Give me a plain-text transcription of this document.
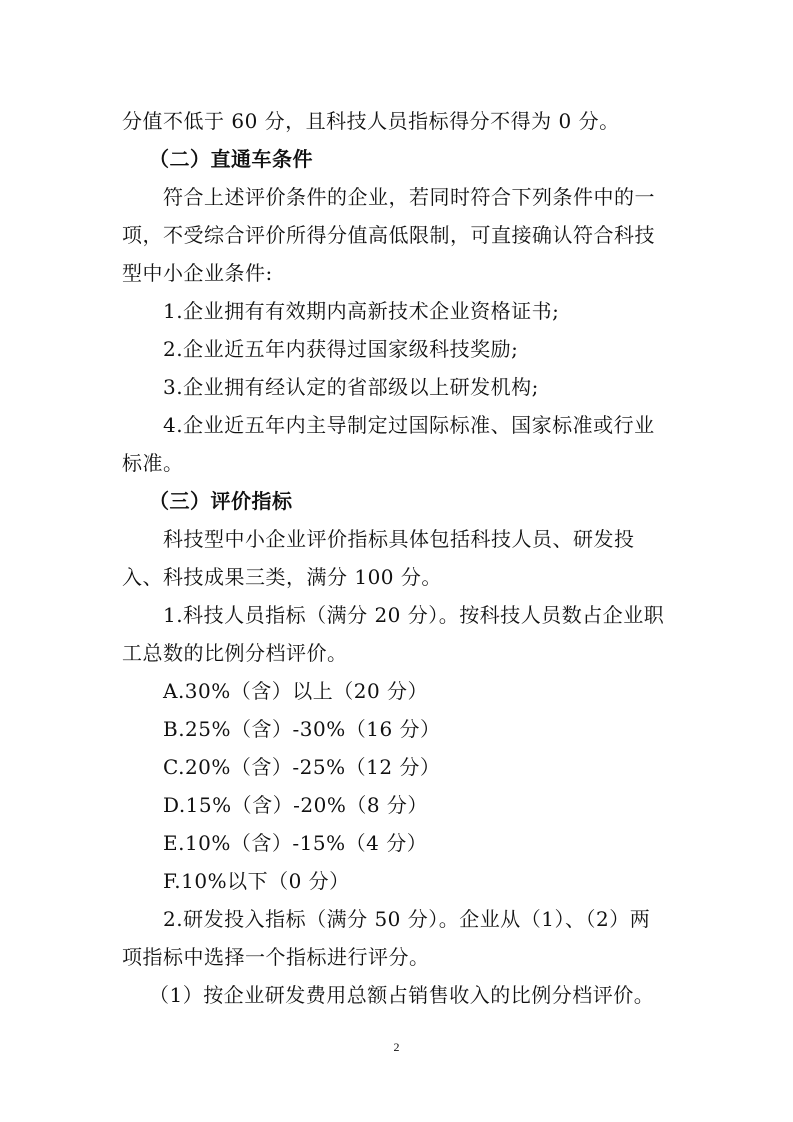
分值不低于 60 分，且科技人员指标得分不得为 0 分。
（二）直通车条件
符合上述评价条件的企业，若同时符合下列条件中的一
项，不受综合评价所得分值高低限制，可直接确认符合科技
型中小企业条件:
1.企业拥有有效期内高新技术企业资格证书;
2.企业近五年内获得过国家级科技奖励;
3.企业拥有经认定的省部级以上研发机构;
4.企业近五年内主导制定过国际标准、国家标准或行业
标准。
（三）评价指标
科技型中小企业评价指标具体包括科技人员、研发投
入、科技成果三类，满分 100 分。
1.科技人员指标（满分 20 分）。按科技人员数占企业职
工总数的比例分档评价。
A.30%（含）以上（20 分）
B.25%（含）-30%（16 分）
C.20%（含）-25%（12 分）
D.15%（含）-20%（8 分）
E.10%（含）-15%（4 分）
F.10%以下（0 分）
2.研发投入指标（满分 50 分）。企业从（1）、（2）两
项指标中选择一个指标进行评分。
（1）按企业研发费用总额占销售收入的比例分档评价。
2
